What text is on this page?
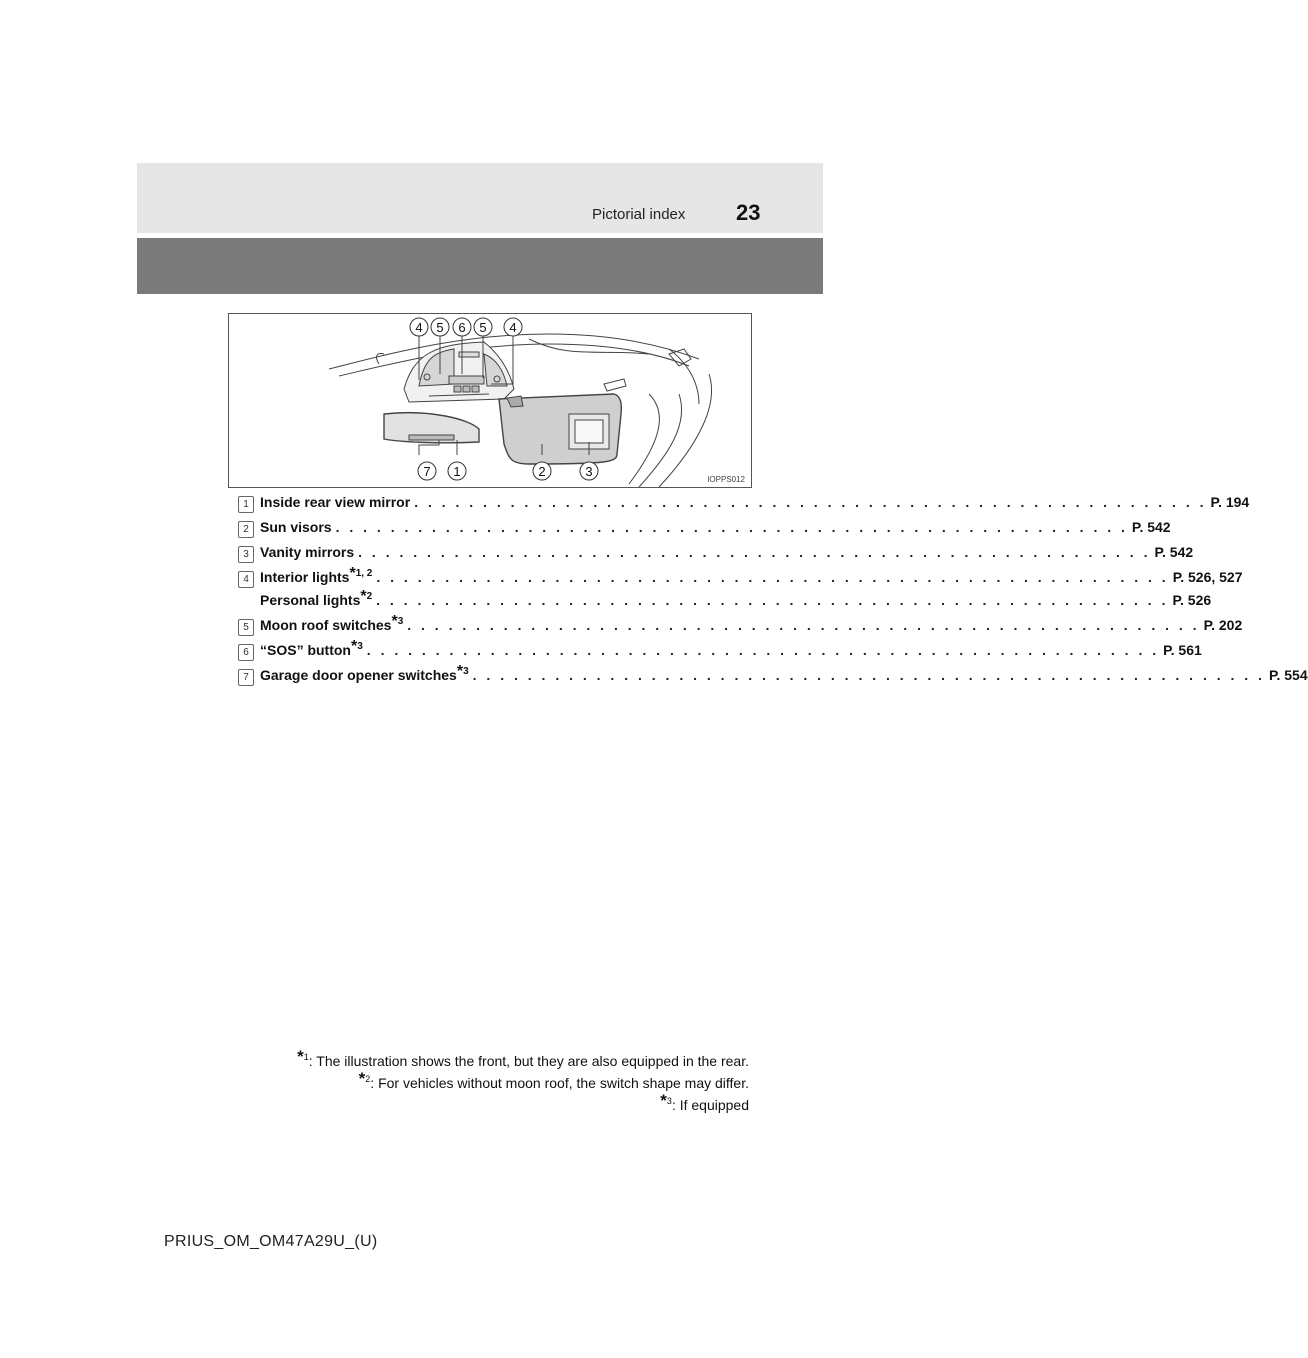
Pictorial index 23
4 5 6 5 4
7 1	2	3
IOPPS012
1 Inside rear view mirror . . . . . . . . . . . . . . . . . . . . . . . . . . . . . . . . . . . . . . . . . . . . . . . . . . . . . . . . . . P. 194
2 Sun visors . . . . . . . . . . . . . . . . . . . . . . . . . . . . . . . . . . . . . . . . . . . . . . . . . . . . . . . . . . P. 542
3 Vanity mirrors . . . . . . . . . . . . . . . . . . . . . . . . . . . . . . . . . . . . . . . . . . . . . . . . . . . . . . . . . . P. 542
4 Interior lights$^{*1, 2}$ . . . . . . . . . . . . . . . . . . . . . . . . . . . . . . . . . . . . . . . . . . . . . . . . . . . . . . . . . . P. 526, 527
Personal lights$^{*2}$ . . . . . . . . . . . . . . . . . . . . . . . . . . . . . . . . . . . . . . . . . . . . . . . . . . . . . . . . . . P. 526
5 Moon roof switches$^{*3}$ . . . . . . . . . . . . . . . . . . . . . . . . . . . . . . . . . . . . . . . . . . . . . . . . . . . . . . . . . . P. 202
6 “SOS” button$^{*3}$ . . . . . . . . . . . . . . . . . . . . . . . . . . . . . . . . . . . . . . . . . . . . . . . . . . . . . . . . . . P. 561
7 Garage door opener switches$^{*3}$ . . . . . . . . . . . . . . . . . . . . . . . . . . . . . . . . . . . . . . . . . . . . . . . . . . . . . . . . . . P. 554
$^{*1}$: The illustration shows the front, but they are also equipped in the rear.
$^{*2}$: For vehicles without moon roof, the switch shape may differ.
$^{*3}$: If equipped
PRIUS_OM_OM47A29U_(U)
